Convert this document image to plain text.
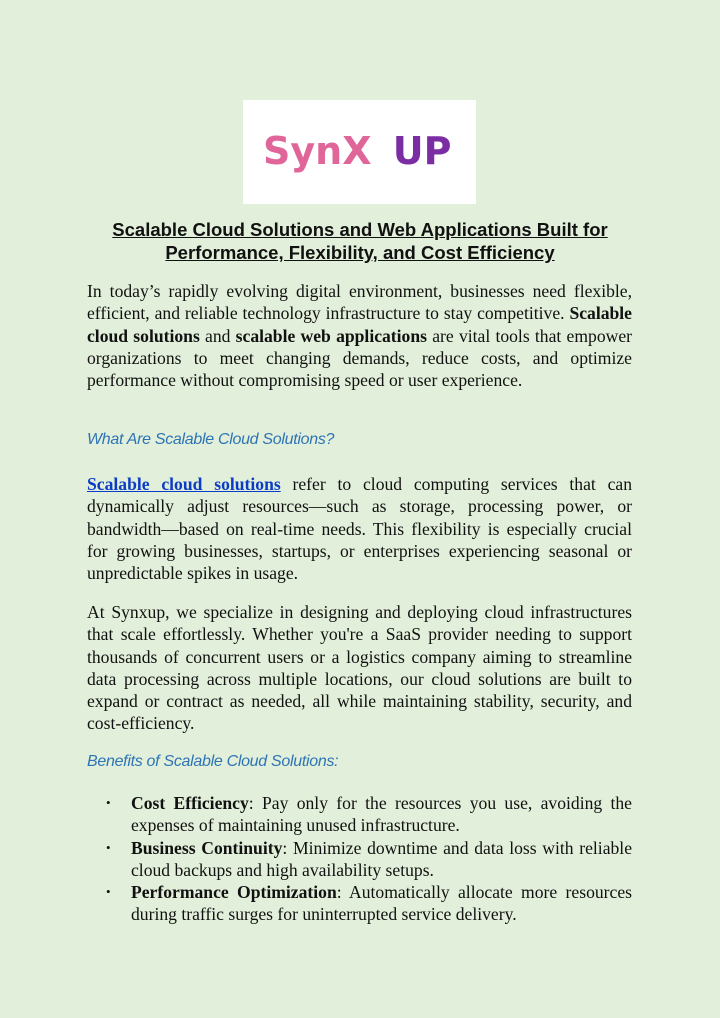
SynX UP
Scalable Cloud Solutions and Web Applications Built for Performance, Flexibility, and Cost Efficiency

In today’s rapidly evolving digital environment, businesses need flexible, efficient, and reliable technology infrastructure to stay competitive. Scalable cloud solutions and scalable web applications are vital tools that empower organizations to meet changing demands, reduce costs, and optimize performance without compromising speed or user experience.

What Are Scalable Cloud Solutions?

Scalable cloud solutions refer to cloud computing services that can dynamically adjust resources—such as storage, processing power, or bandwidth—based on real-time needs. This flexibility is especially crucial for growing businesses, startups, or enterprises experiencing seasonal or unpredictable spikes in usage.

At Synxup, we specialize in designing and deploying cloud infrastructures that scale effortlessly. Whether you're a SaaS provider needing to support thousands of concurrent users or a logistics company aiming to streamline data processing across multiple locations, our cloud solutions are built to expand or contract as needed, all while maintaining stability, security, and cost-efficiency.

Benefits of Scalable Cloud Solutions:
• Cost Efficiency: Pay only for the resources you use, avoiding the expenses of maintaining unused infrastructure.
• Business Continuity: Minimize downtime and data loss with reliable cloud backups and high availability setups.
• Performance Optimization: Automatically allocate more resources during traffic surges for uninterrupted service delivery.
